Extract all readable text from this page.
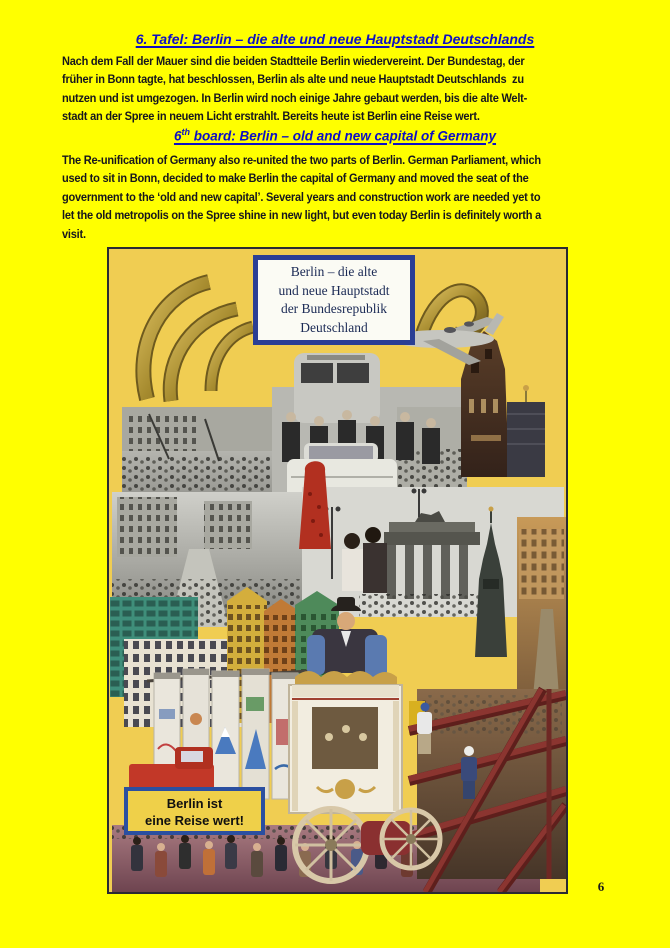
6. Tafel: Berlin – die alte und neue Hauptstadt Deutschlands
Nach dem Fall der Mauer sind die beiden Stadtteile Berlin wiedervereint. Der Bundestag, der
früher in Bonn tagte, hat beschlossen, Berlin als alte und neue Hauptstadt Deutschlands  zu
nutzen und ist umgezogen. In Berlin wird noch einige Jahre gebaut werden, bis die alte Welt-
stadt an der Spree in neuem Licht erstrahlt. Bereits heute ist Berlin eine Reise wert.
6th board: Berlin – old and new capital of Germany
The Re-unification of Germany also re-united the two parts of Berlin. German Parliament, which
used to sit in Bonn, decided to make Berlin the capital of Germany and moved the seat of the
government to the ‘old and new capital’. Several years and construction work are needed yet to
let the old metropolis on the Spree shine in new light, but even today Berlin is definitely worth a
visit.
Berlin – die alte
und neue Hauptstadt
der Bundesrepublik
Deutschland
Berlin ist
eine Reise wert!
6
